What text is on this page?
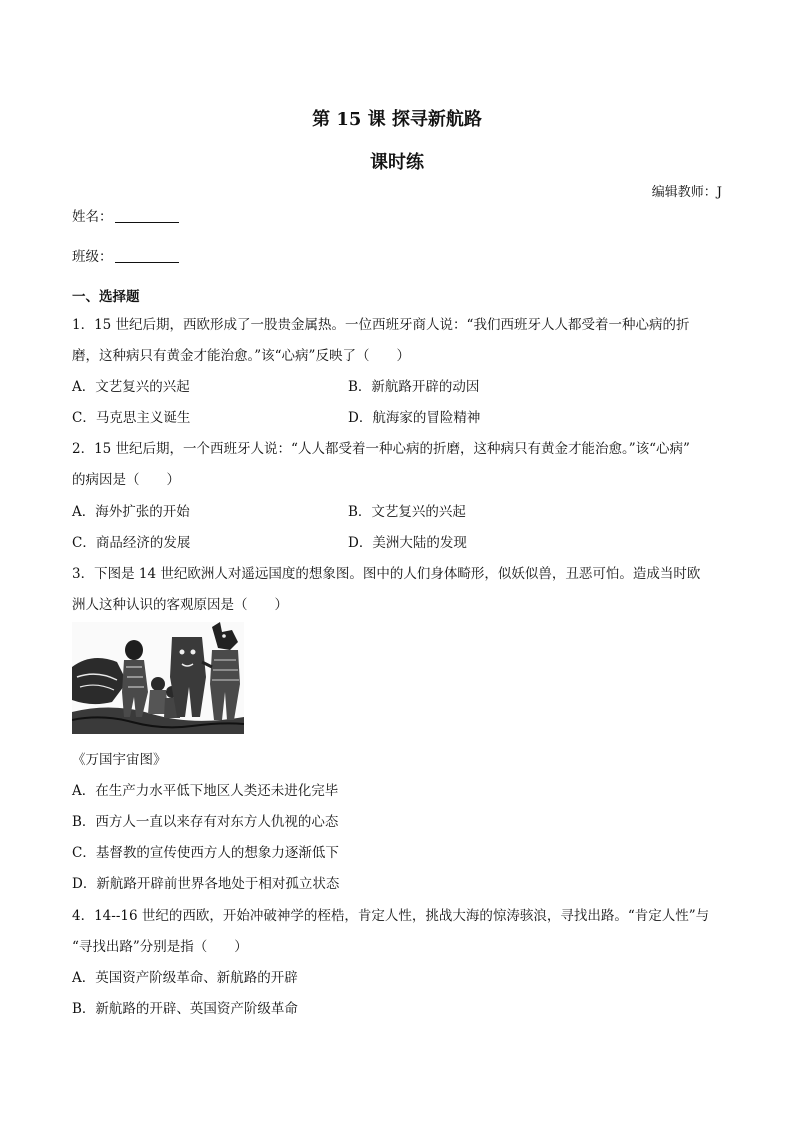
第 15 课 探寻新航路
课时练
编辑教师：J
姓名：
班级：
一、选择题
1．15 世纪后期，西欧形成了一股贵金属热。一位西班牙商人说：“我们西班牙人人都受着一种心病的折
磨，这种病只有黄金才能治愈。”该“心病”反映了（　　）
A．文艺复兴的兴起	B．新航路开辟的动因
C．马克思主义诞生	D．航海家的冒险精神
2．15 世纪后期，一个西班牙人说：“人人都受着一种心病的折磨，这种病只有黄金才能治愈。”该“心病”
的病因是（　　）
A．海外扩张的开始	B．文艺复兴的兴起
C．商品经济的发展	D．美洲大陆的发现
3．下图是 14 世纪欧洲人对遥远国度的想象图。图中的人们身体畸形，似妖似兽，丑恶可怕。造成当时欧
洲人这种认识的客观原因是（　　）
《万国宇宙图》
A．在生产力水平低下地区人类还未进化完毕
B．西方人一直以来存有对东方人仇视的心态
C．基督教的宣传使西方人的想象力逐渐低下
D．新航路开辟前世界各地处于相对孤立状态
4．14--16 世纪的西欧，开始冲破神学的桎梏，肯定人性，挑战大海的惊涛骇浪，寻找出路。“肯定人性”与
“寻找出路”分别是指（　　）
A．英国资产阶级革命、新航路的开辟
B．新航路的开辟、英国资产阶级革命
